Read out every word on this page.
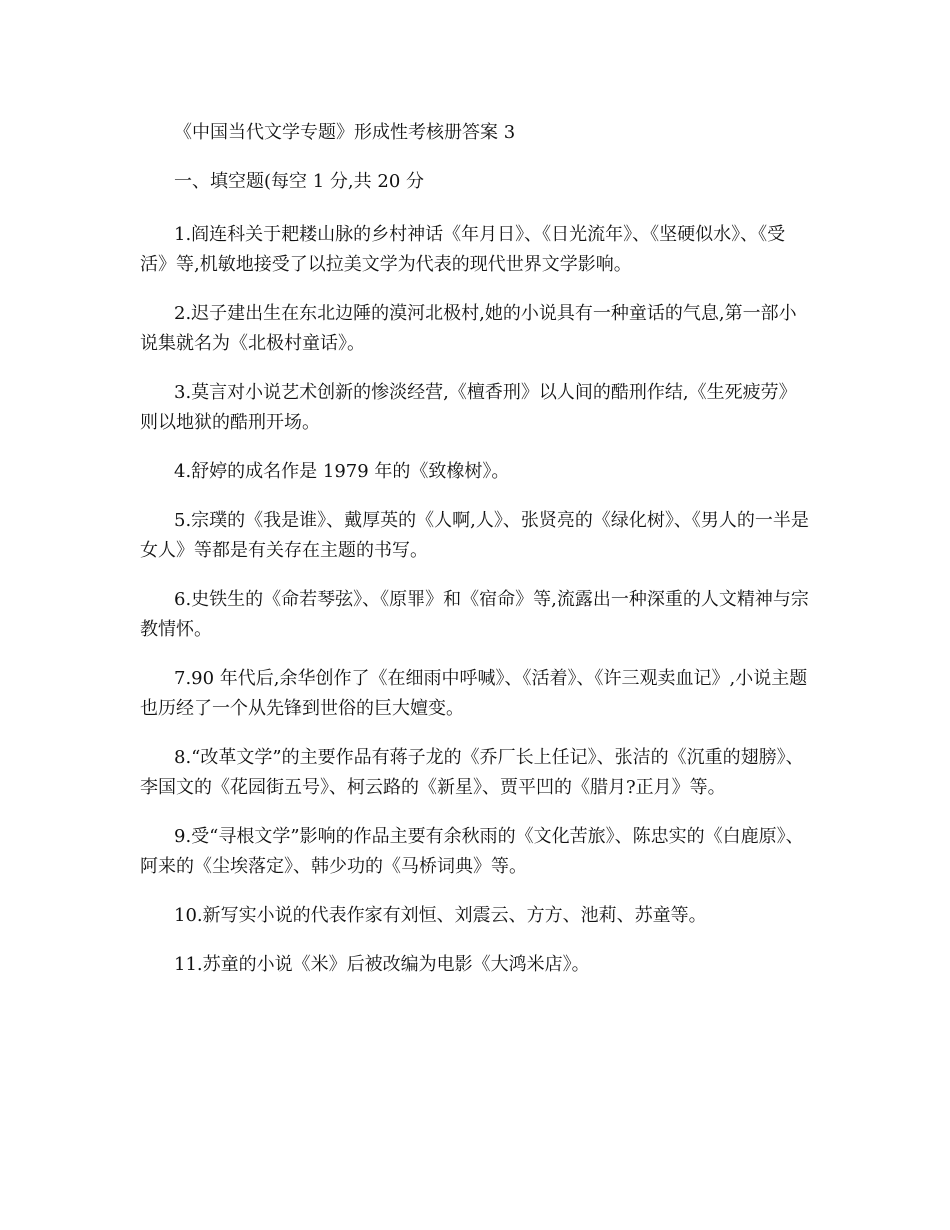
《中国当代文学专题》形成性考核册答案 3

一、填空题(每空 1 分,共 20 分

1.阎连科关于耙耧山脉的乡村神话《年月日》、《日光流年》、《坚硬似水》、《受活》等,机敏地接受了以拉美文学为代表的现代世界文学影响。

2.迟子建出生在东北边陲的漠河北极村,她的小说具有一种童话的气息,第一部小说集就名为《北极村童话》。

3.莫言对小说艺术创新的惨淡经营,《檀香刑》以人间的酷刑作结,《生死疲劳》则以地狱的酷刑开场。

4.舒婷的成名作是 1979 年的《致橡树》。

5.宗璞的《我是谁》、戴厚英的《人啊,人》、张贤亮的《绿化树》、《男人的一半是女人》等都是有关存在主题的书写。

6.史铁生的《命若琴弦》、《原罪》和《宿命》等,流露出一种深重的人文精神与宗教情怀。

7.90 年代后,余华创作了《在细雨中呼喊》、《活着》、《许三观卖血记》,小说主题也历经了一个从先锋到世俗的巨大嬗变。

8.“改革文学”的主要作品有蒋子龙的《乔厂长上任记》、张洁的《沉重的翅膀》、李国文的《花园街五号》、柯云路的《新星》、贾平凹的《腊月?正月》等。

9.受“寻根文学”影响的作品主要有余秋雨的《文化苦旅》、陈忠实的《白鹿原》、阿来的《尘埃落定》、韩少功的《马桥词典》等。

10.新写实小说的代表作家有刘恒、刘震云、方方、池莉、苏童等。

11.苏童的小说《米》后被改编为电影《大鸿米店》。
